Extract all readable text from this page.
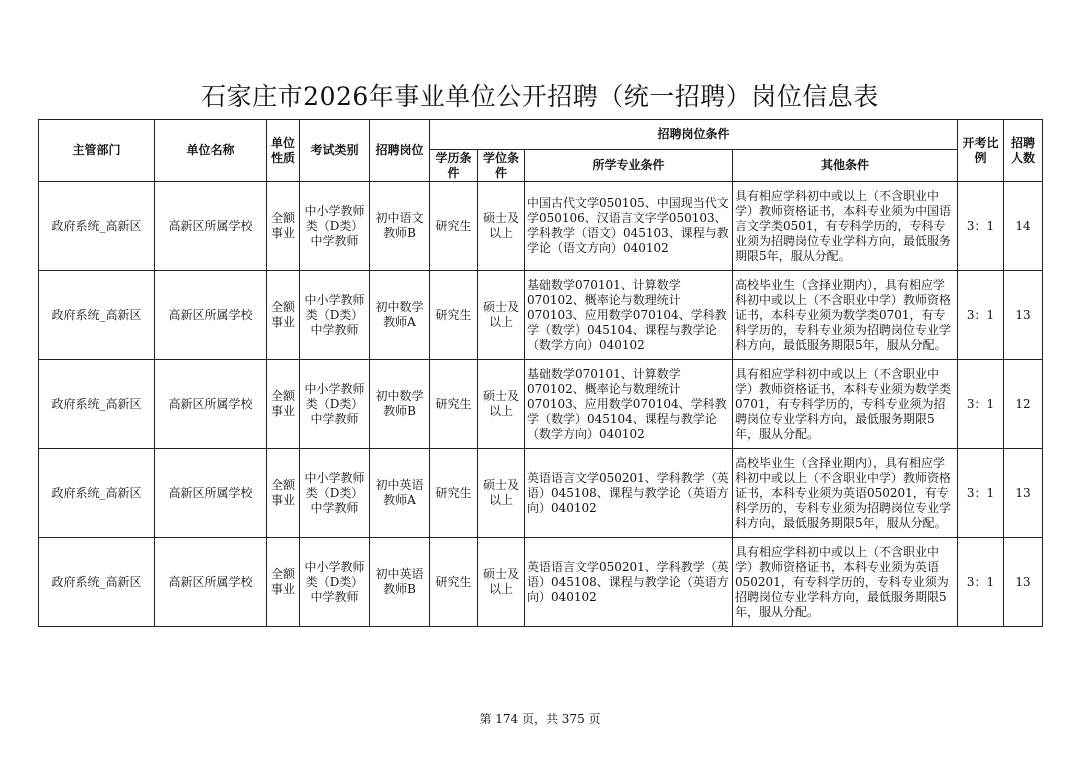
石家庄市2026年事业单位公开招聘（统一招聘）岗位信息表
主管部门	单位名称	单位性质	考试类别	招聘岗位	招聘岗位条件				开考比例	招聘人数
					学历条件	学位条件	所学专业条件	其他条件		
政府系统_高新区	高新区所属学校	全额事业	中小学教师类（D类）中学教师	初中语文教师B	研究生	硕士及以上	中国古代文学050105、中国现当代文学050106、汉语言文字学050103、学科教学（语文）045103、课程与教学论（语文方向）040102	具有相应学科初中或以上（不含职业中学）教师资格证书，本科专业须为中国语言文学类0501，有专科学历的，专科专业须为招聘岗位专业学科方向，最低服务期限5年，服从分配。	3：1	14
政府系统_高新区	高新区所属学校	全额事业	中小学教师类（D类）中学教师	初中数学教师A	研究生	硕士及以上	基础数学070101、计算数学070102、概率论与数理统计070103、应用数学070104、学科教学（数学）045104、课程与教学论（数学方向）040102	高校毕业生（含择业期内），具有相应学科初中或以上（不含职业中学）教师资格证书，本科专业须为数学类0701，有专科学历的，专科专业须为招聘岗位专业学科方向，最低服务期限5年，服从分配。	3：1	13
政府系统_高新区	高新区所属学校	全额事业	中小学教师类（D类）中学教师	初中数学教师B	研究生	硕士及以上	基础数学070101、计算数学070102、概率论与数理统计070103、应用数学070104、学科教学（数学）045104、课程与教学论（数学方向）040102	具有相应学科初中或以上（不含职业中学）教师资格证书，本科专业须为数学类0701，有专科学历的，专科专业须为招聘岗位专业学科方向，最低服务期限5年，服从分配。	3：1	12
政府系统_高新区	高新区所属学校	全额事业	中小学教师类（D类）中学教师	初中英语教师A	研究生	硕士及以上	英语语言文学050201、学科教学（英语）045108、课程与教学论（英语方向）040102	高校毕业生（含择业期内），具有相应学科初中或以上（不含职业中学）教师资格证书，本科专业须为英语050201，有专科学历的，专科专业须为招聘岗位专业学科方向，最低服务期限5年，服从分配。	3：1	13
政府系统_高新区	高新区所属学校	全额事业	中小学教师类（D类）中学教师	初中英语教师B	研究生	硕士及以上	英语语言文学050201、学科教学（英语）045108、课程与教学论（英语方向）040102	具有相应学科初中或以上（不含职业中学）教师资格证书，本科专业须为英语050201，有专科学历的，专科专业须为招聘岗位专业学科方向，最低服务期限5年，服从分配。	3：1	13
第 174 页，共 375 页
